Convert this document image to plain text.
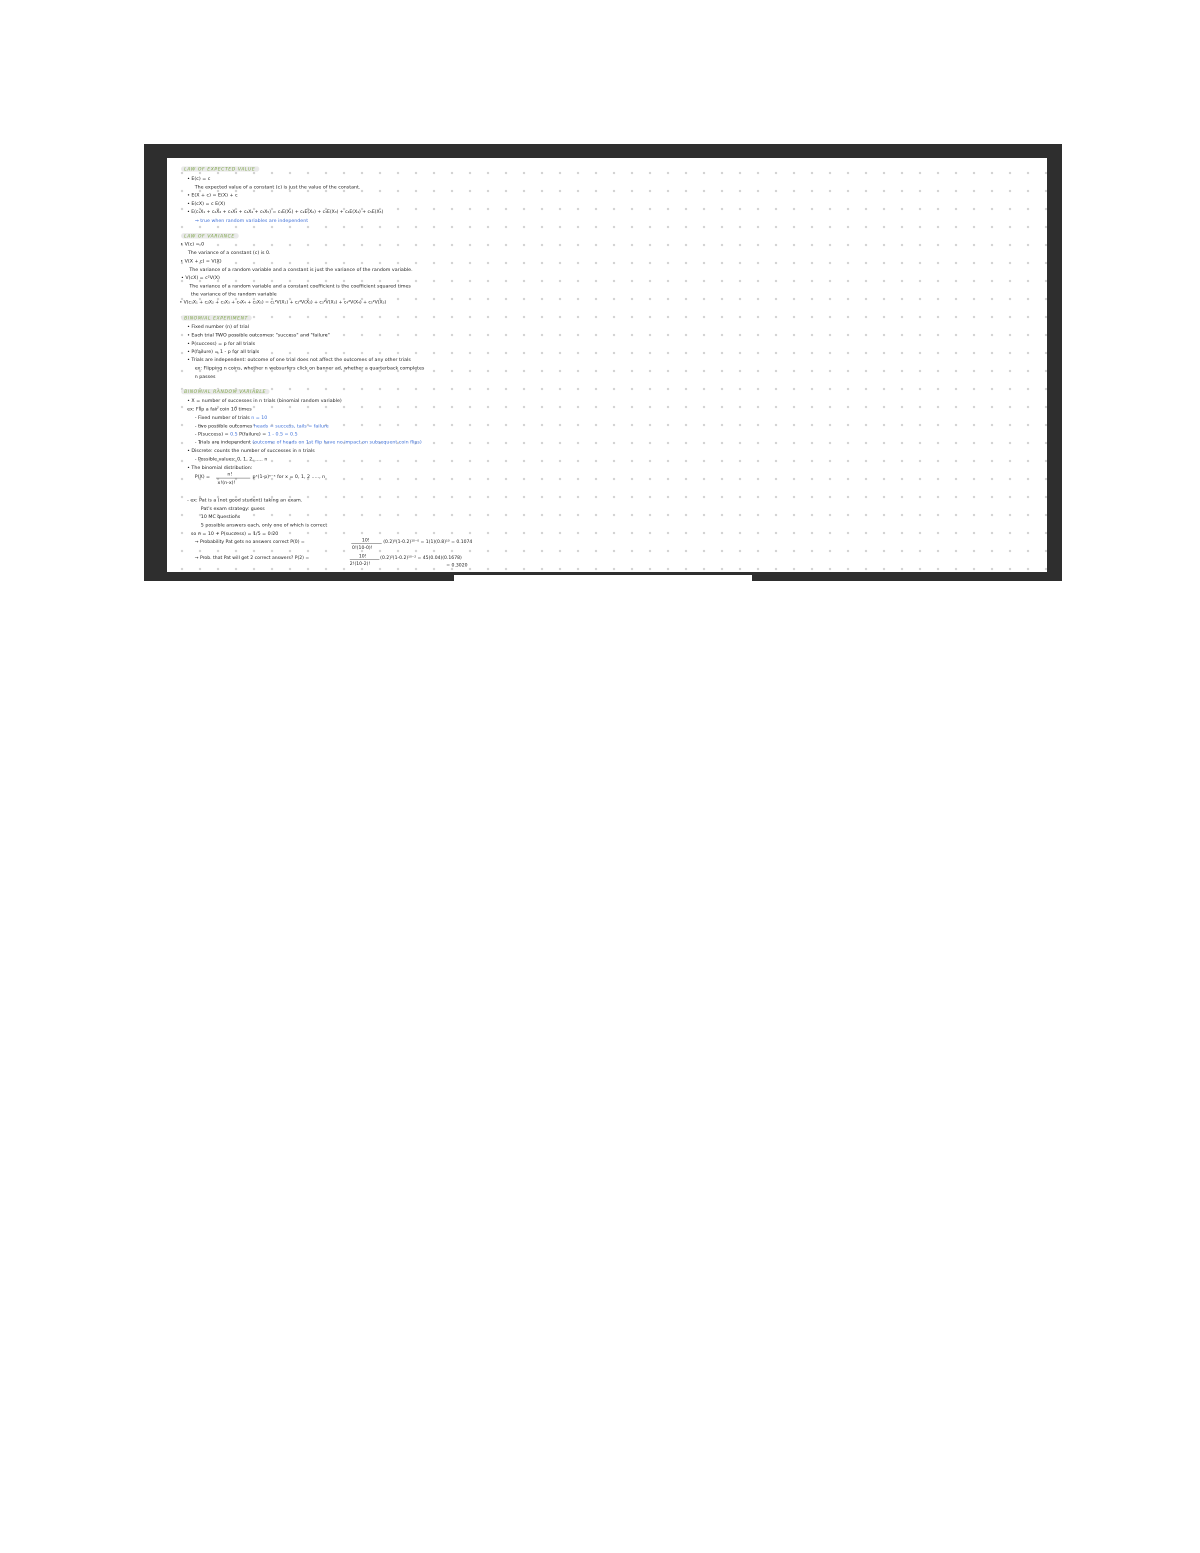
LAW OF EXPECTED VALUE
• E(c) = c
The expected value of a constant (c) is just the value of the constant.
• E(X + c) = E(X) + c
• E(cX) = c E(X)
• E(c₁X₁ + c₂X₂ + c₃X₃ + c₄X₄ + c₅X₅) = c₁E(X₁) + c₂E(X₂) + c₃E(X₃) + c₄E(X₄) + c₅E(X₅)
→ true when random variables are independent
LAW OF VARIANCE
• V(c) = 0
The variance of a constant (c) is 0.
• V(X + c) = V(X)
The variance of a random variable and a constant is just the variance of the random variable.
• V(cX) = c²V(X)
The variance of a random variable and a constant coefficient is the coefficient squared times
the variance of the random variable
• V(c₁X₁ + c₂X₂ + c₃X₃ + c₄X₄ + c₅X₅) = c₁²V(X₁) + c₂²V(X₂) + c₃²V(X₃) + c₄²V(X₄) + c₅²V(X₅)
BINOMIAL EXPERIMENT
• Fixed number (n) of trial
• Each trial TWO possible outcomes: "success" and "failure"
• P(success) = p for all trials
• P(failure) = 1 - p for all trials
• Trials are independent: outcome of one trial does not affect the outcomes of any other trials
ex: Flipping n coins, whether n websurfers click on banner ad, whether a quarterback completes
n passes
BINOMIAL RANDOM VARIABLE
• X = number of successes in n trials (binomial random variable)
ex: Flip a fair coin 10 times
- Fixed number of trials n = 10
- two possible outcomes heads = success, tails = failure
- P(success) = 0.5 P(failure) = 1 - 0.5 = 0.5
- Trials are independent (outcome of heads on 1st flip have no impact on subsequent coin flips)
• Discrete: counts the number of successes in n trials
- Possible values: 0, 1, 2, ..... n
• The binomial distribution:
P(X) = n!
x!(n-x)!
pˣ(1-p)ⁿ⁻ˣ for x = 0, 1, 2 ....., n
- ex: Pat is a (not good student) taking an exam.
Pat's exam strategy: guess
10 MC questions
5 possible answers each, only one of which is correct
so n = 10 + P(success) = 1/5 = 0.20
→ Probability Pat gets no answers correct P(0) =	10!
0!(10-0)!
(0.2)⁰(1-0.2)¹⁰⁻⁰ = 1(1)(0.8)¹⁰ = 0.1074
→ Prob. that Pat will get 2 correct answers? P(2) =	10!
2!(10-2)!
(0.2)²(1-0.2)¹⁰⁻² = 45(0.04)(0.1678)
= 0.3020
